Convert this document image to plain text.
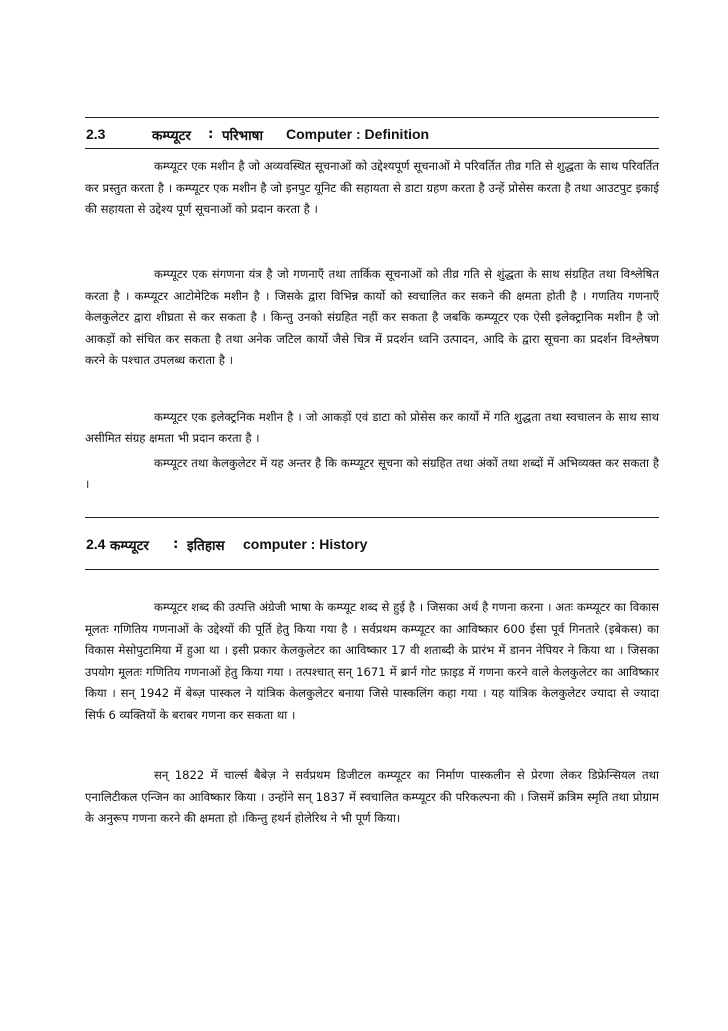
2.3	कम्प्यूटर : परिभाषा Computer : Definition

कम्प्यूटर एक मशीन है जो अव्यवस्थित सूचनाओं को उद्देश्यपूर्ण सूचनाओं मे परिवर्तित तीव्र गति से शुद्धता के साथ परिवर्तित कर प्रस्तुत करता है । कम्प्यूटर एक मशीन है जो इनपुट यूनिट की सहायता से डाटा ग्रहण करता है उन्हें प्रोसेस करता है तथा आउटपुट इकाई की सहायता से उद्देश्य पूर्ण सूचनाओं को प्रदान करता है ।

कम्प्यूटर एक संगणना यंत्र है जो गणनाएँ तथा तार्किक सूचनाओं को तीव्र गति से शुंद्धता के साथ संग्रहित तथा विश्लेषित करता है । कम्प्यूटर आटोमेटिक मशीन है । जिसके द्वारा विभिन्न कार्यो को स्वचालित कर सकने की क्षमता होती है । गणतिय गणनाएँ केलकुलेटर द्वारा शीघ्रता से कर सकता है । किन्तु उनको संग्रहित नहीं कर सकता है जबकि कम्प्यूटर एक ऐसी इलेक्ट्रानिक मशीन है जो आकड़ों को संचित कर सकता है तथा अनेक जटिल कार्यो जैसे चित्र में प्रदर्शन ध्वनि उत्पादन, आदि के द्वारा सूचना का प्रदर्शन विश्लेषण करने के पश्चात उपलब्ध कराता है ।

कम्प्यूटर एक इलेक्ट्रनिक मशीन है । जो आकड़ों एवं डाटा को प्रोसेस कर कार्यो में गति शुद्धता तथा स्वचालन के साथ साथ असीमित संग्रह क्षमता भी प्रदान करता है ।

कम्प्यूटर तथा केलकुलेटर में यह अन्तर है कि कम्प्यूटर सूचना को संग्रहित तथा अंकों तथा शब्दों में अभिव्यक्त कर सकता है ।

2.4 कम्प्यूटर : इतिहास computer : History

कम्प्यूटर शब्द की उत्पत्ति अंग्रेजी भाषा के कम्प्यूट शब्द से हुई है । जिसका अर्थ है गणना करना । अतः कम्प्यूटर का विकास मूलतः गणितिय गणनाओं के उद्देश्यों की पूर्ति हेतु किया गया है । सर्वप्रथम कम्प्यूटर का आविष्कार 600 ईसा पूर्व गिनतारे (इबेकस) का विकास मेसोपुटामिया में हुआ था । इसी प्रकार केलकुलेटर का आविष्कार 17 वी शताब्दी के प्रारंभ में डानन नेपियर ने किया था । जिसका उपयोग मूलतः गणितिय गणनाओं हेतु किया गया । तत्पश्चात् सन् 1671 में ब्रार्न गोट फ़ाइड में गणना करने वाले केलकुलेटर का आविष्कार किया । सन् 1942 में बेब्ज़ पास्कल ने यांत्रिक केलकुलेटर बनाया जिसे पास्कलिंग कहा गया । यह यांत्रिक केलकुलेटर ज्यादा से ज्यादा सिर्फ 6 व्यक्तियों के बराबर गणना कर सकता था ।

सन् 1822 में चार्ल्स बैबेज़ ने सर्वप्रथम डिजीटल कम्प्यूटर का निर्माण पास्कलीन से प्रेरणा लेकर डिफ्रेन्सियल तथा एनालिटीकल एन्जिन का आविष्कार किया । उन्होंने सन् 1837 में स्वचालित कम्प्यूटर की परिकल्पना की । जिसमें क्रत्रिम स्मृति तथा प्रोग्राम के अनुरूप गणना करने की क्षमता हो ।किन्तु हथर्न होलेरिथ ने भी पूर्ण किया।
